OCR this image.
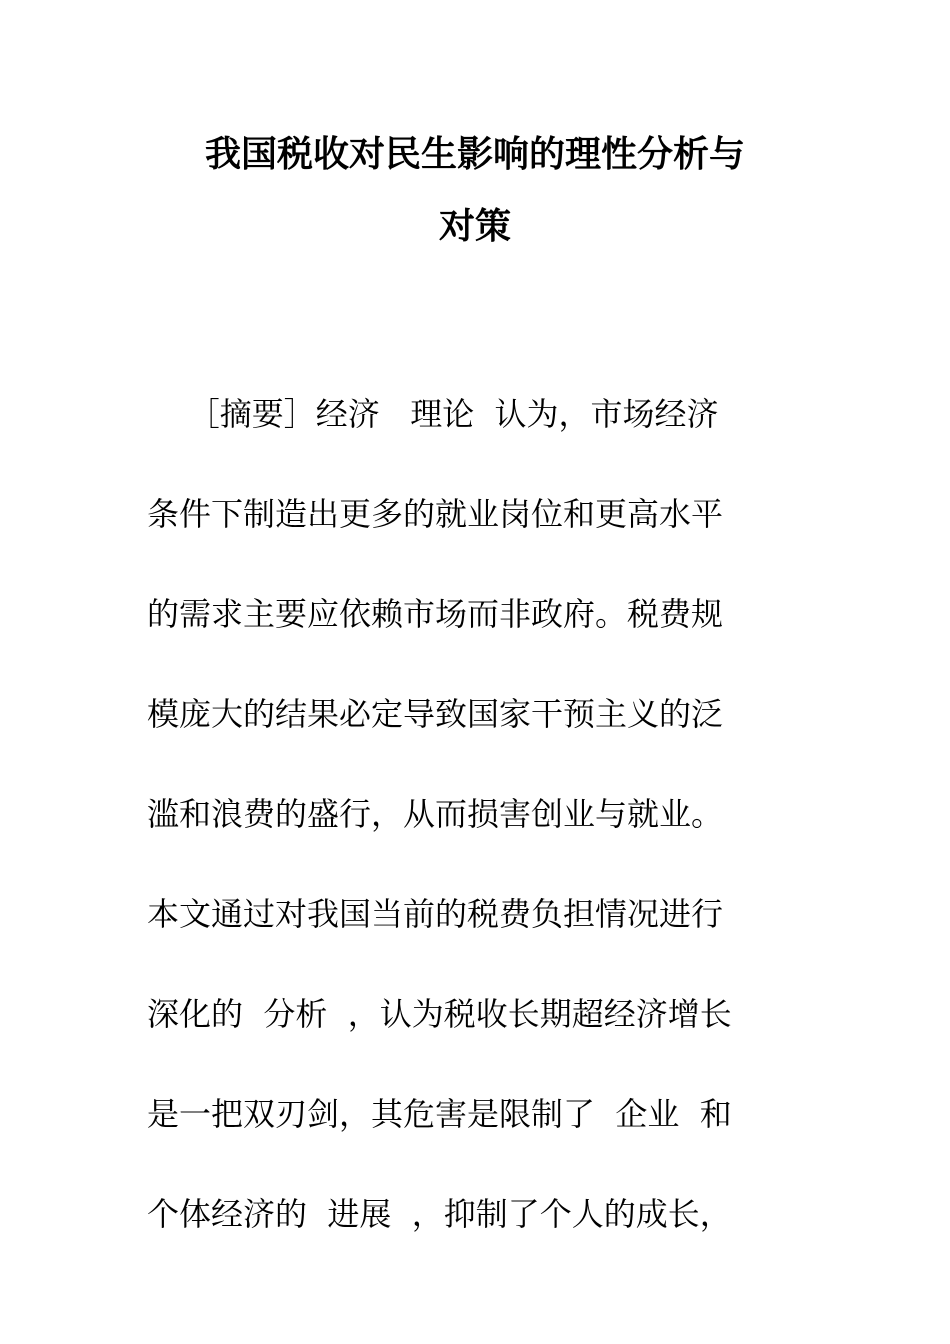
我国税收对民生影响的理性分析与
对策
［摘要］经济   理论  认为，市场经济
条件下制造出更多的就业岗位和更高水平
的需求主要应依赖市场而非政府。税费规
模庞大的结果必定导致国家干预主义的泛
滥和浪费的盛行，从而损害创业与就业。
本文通过对我国当前的税费负担情况进行
深化的  分析  ，认为税收长期超经济增长
是一把双刃剑，其危害是限制了  企业  和
个体经济的  进展  ，抑制了个人的成长，
